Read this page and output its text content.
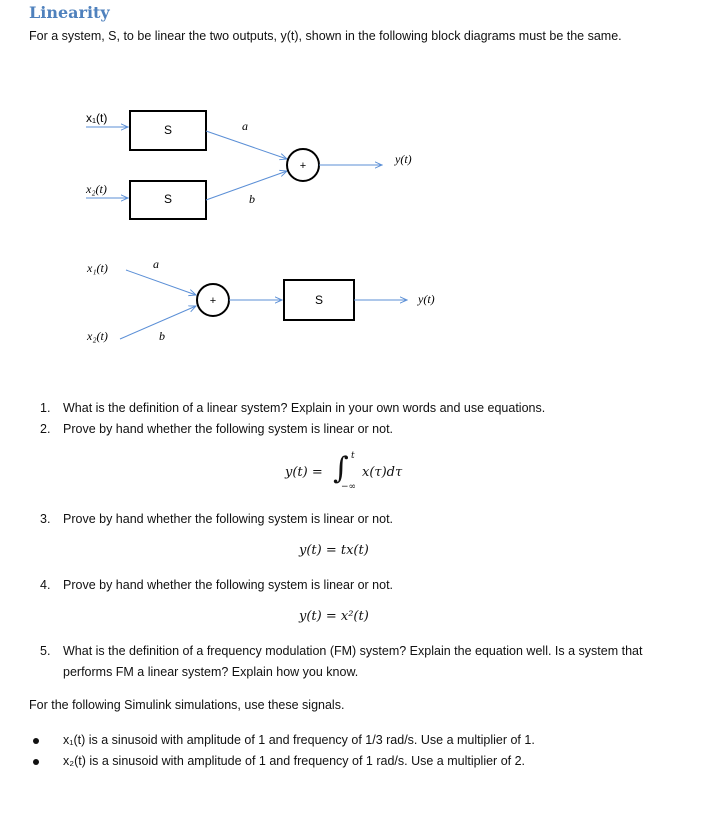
Linearity
For a system, S, to be linear the two outputs, y(t), shown in the following block diagrams must be the same.
x₁(t)
S
x₂(t)
S
a
b
+	y(t)
x₁(t)
x₂(t)
a
b
+	S	y(t)
1. What is the definition of a linear system? Explain in your own words and use equations.
2. Prove by hand whether the following system is linear or not.
y(t) = ∫ t
−∞
x(τ)dτ
3. Prove by hand whether the following system is linear or not.
y(t) = tx(t)
4. Prove by hand whether the following system is linear or not.
y(t) = x²(t)
5. What is the definition of a frequency modulation (FM) system? Explain the equation well. Is a system that performs FM a linear system? Explain how you know.
For the following Simulink simulations, use these signals.
x₁(t) is a sinusoid with amplitude of 1 and frequency of 1/3 rad/s. Use a multiplier of 1.
x₂(t) is a sinusoid with amplitude of 1 and frequency of 1 rad/s. Use a multiplier of 2.
